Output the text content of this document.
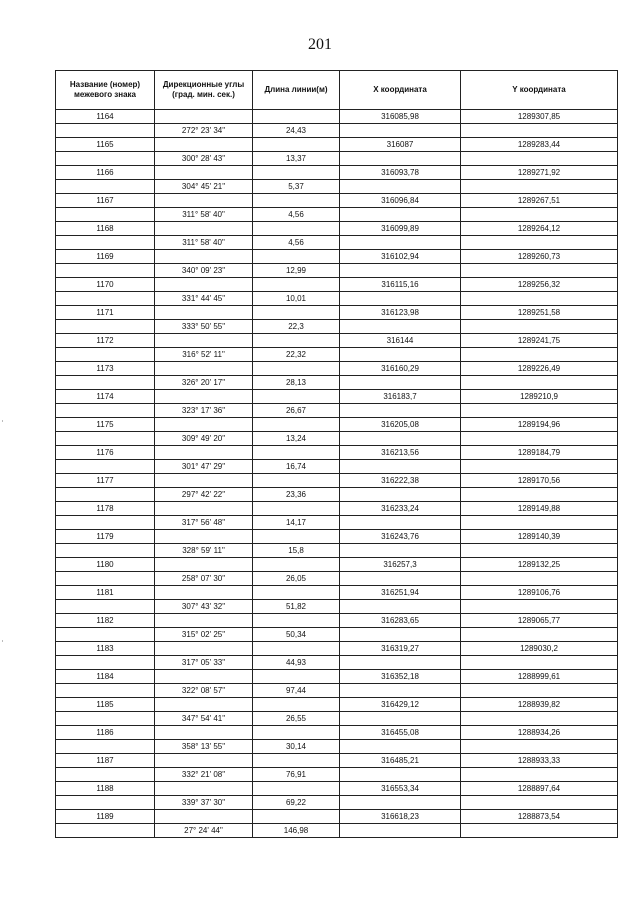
201
Название (номер) межевого знака	Дирекционные углы (град. мин. сек.)	Длина линии(м)	Х координата	Y координата
1164			316085,98	1289307,85
	272° 23' 34"	24,43		
1165			316087	1289283,44
	300° 28' 43"	13,37		
1166			316093,78	1289271,92
	304° 45' 21"	5,37		
1167			316096,84	1289267,51
	311° 58' 40"	4,56		
1168			316099,89	1289264,12
	311° 58' 40"	4,56		
1169			316102,94	1289260,73
	340° 09' 23"	12,99		
1170			316115,16	1289256,32
	331° 44' 45"	10,01		
1171			316123,98	1289251,58
	333° 50' 55"	22,3		
1172			316144	1289241,75
	316° 52' 11"	22,32		
1173			316160,29	1289226,49
	326° 20' 17"	28,13		
1174			316183,7	1289210,9
	323° 17' 36"	26,67		
1175			316205,08	1289194,96
	309° 49' 20"	13,24		
1176			316213,56	1289184,79
	301° 47' 29"	16,74		
1177			316222,38	1289170,56
	297° 42' 22"	23,36		
1178			316233,24	1289149,88
	317° 56' 48"	14,17		
1179			316243,76	1289140,39
	328° 59' 11"	15,8		
1180			316257,3	1289132,25
	258° 07' 30"	26,05		
1181			316251,94	1289106,76
	307° 43' 32"	51,82		
1182			316283,65	1289065,77
	315° 02' 25"	50,34		
1183			316319,27	1289030,2
	317° 05' 33"	44,93		
1184			316352,18	1288999,61
	322° 08' 57"	97,44		
1185			316429,12	1288939,82
	347° 54' 41"	26,55		
1186			316455,08	1288934,26
	358° 13' 55"	30,14		
1187			316485,21	1288933,33
	332° 21' 08"	76,91		
1188			316553,34	1288897,64
	339° 37' 30"	69,22		
1189			316618,23	1288873,54
	27° 24' 44"	146,98		
